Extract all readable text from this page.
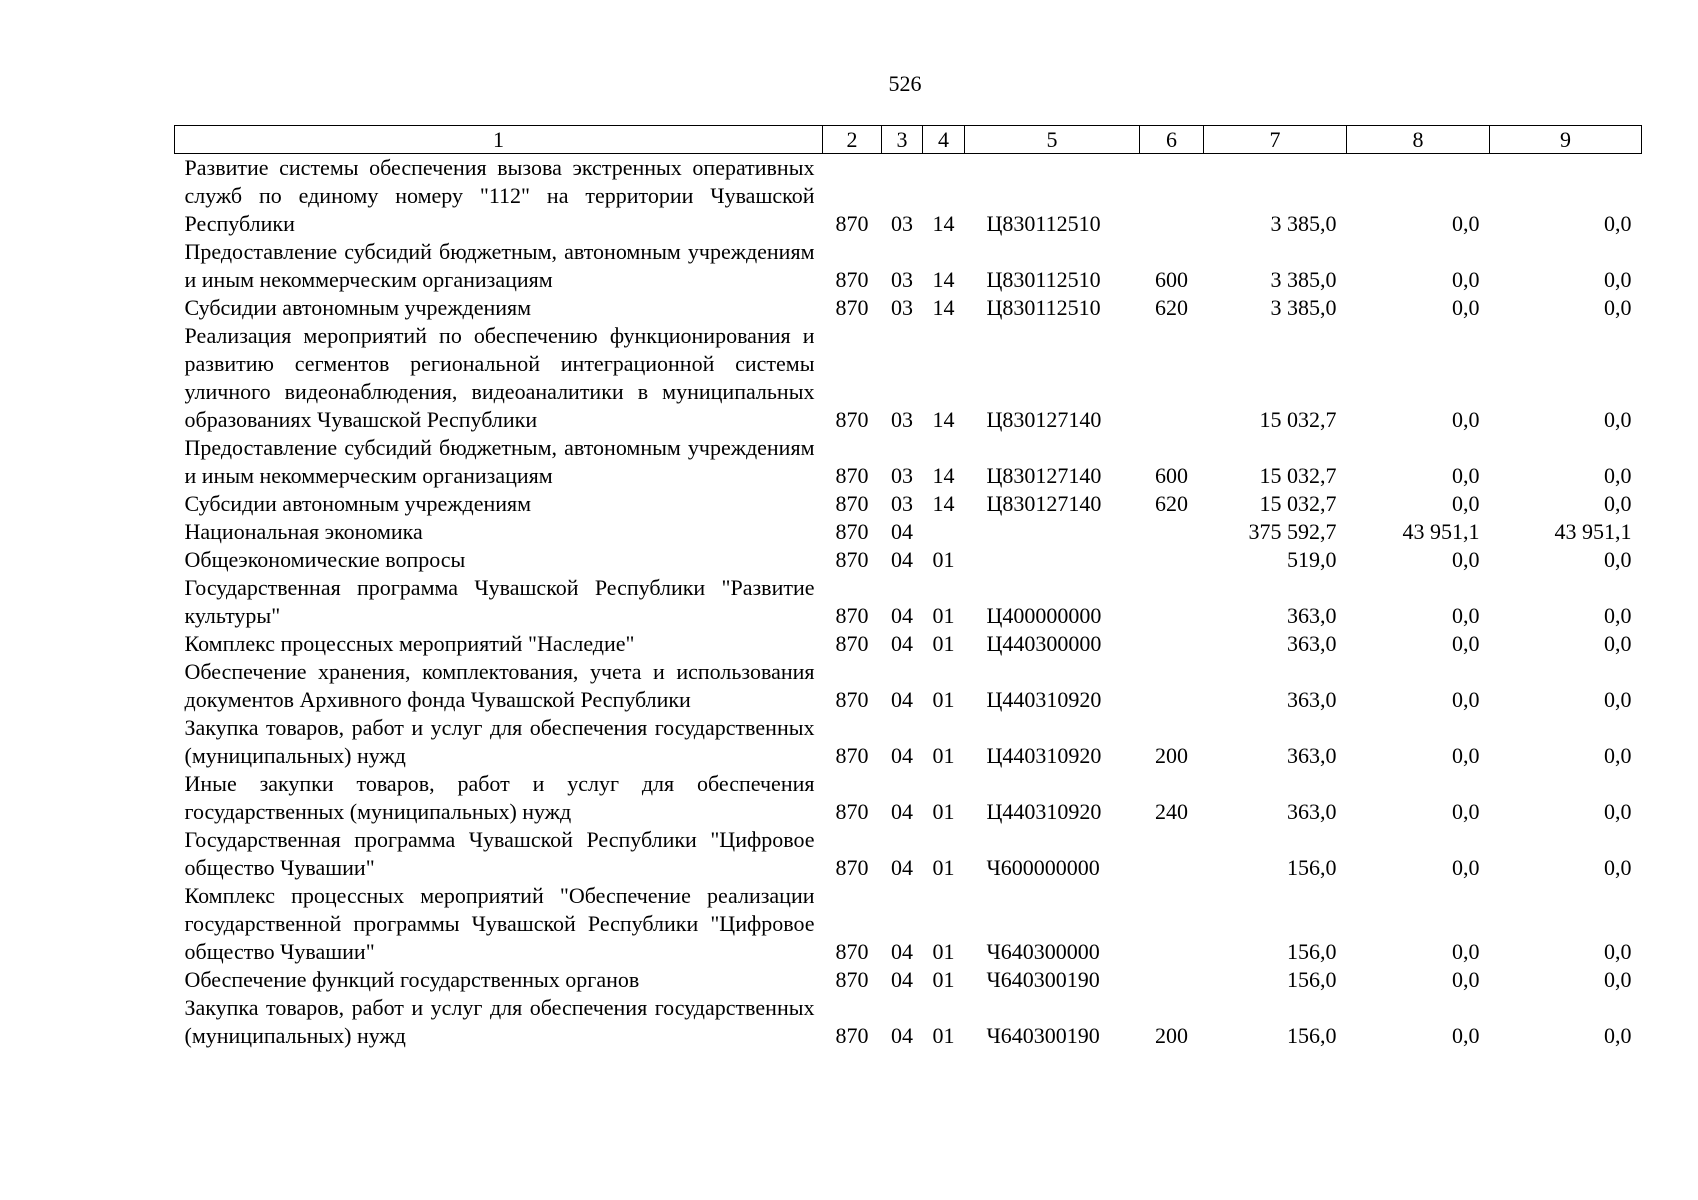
526
1	2	3	4	5	6	7	8	9
Развитие системы обеспечения вызова экстренных оперативных служб по единому номеру "112" на территории Чувашской Республики	870	03	14	Ц830112510		3 385,0	0,0	0,0
Предоставление субсидий бюджетным, автономным учреждениям и иным некоммерческим организациям	870	03	14	Ц830112510	600	3 385,0	0,0	0,0
Субсидии автономным учреждениям	870	03	14	Ц830112510	620	3 385,0	0,0	0,0
Реализация мероприятий по обеспечению функционирования и развитию сегментов региональной интеграционной системы уличного видеонаблюдения, видеоаналитики в муниципальных образованиях Чувашской Республики	870	03	14	Ц830127140		15 032,7	0,0	0,0
Предоставление субсидий бюджетным, автономным учреждениям и иным некоммерческим организациям	870	03	14	Ц830127140	600	15 032,7	0,0	0,0
Субсидии автономным учреждениям	870	03	14	Ц830127140	620	15 032,7	0,0	0,0
Национальная экономика	870	04				375 592,7	43 951,1	43 951,1
Общеэкономические вопросы	870	04	01			519,0	0,0	0,0
Государственная программа Чувашской Республики "Развитие культуры"	870	04	01	Ц400000000		363,0	0,0	0,0
Комплекс процессных мероприятий "Наследие"	870	04	01	Ц440300000		363,0	0,0	0,0
Обеспечение хранения, комплектования, учета и использования документов Архивного фонда Чувашской Республики	870	04	01	Ц440310920		363,0	0,0	0,0
Закупка товаров, работ и услуг для обеспечения государственных (муниципальных) нужд	870	04	01	Ц440310920	200	363,0	0,0	0,0
Иные закупки товаров, работ и услуг для обеспечения государственных (муниципальных) нужд	870	04	01	Ц440310920	240	363,0	0,0	0,0
Государственная программа Чувашской Республики "Цифровое общество Чувашии"	870	04	01	Ч600000000		156,0	0,0	0,0
Комплекс процессных мероприятий "Обеспечение реализации государственной программы Чувашской Республики "Цифровое общество Чувашии"	870	04	01	Ч640300000		156,0	0,0	0,0
Обеспечение функций государственных органов	870	04	01	Ч640300190		156,0	0,0	0,0
Закупка товаров, работ и услуг для обеспечения государственных (муниципальных) нужд	870	04	01	Ч640300190	200	156,0	0,0	0,0
